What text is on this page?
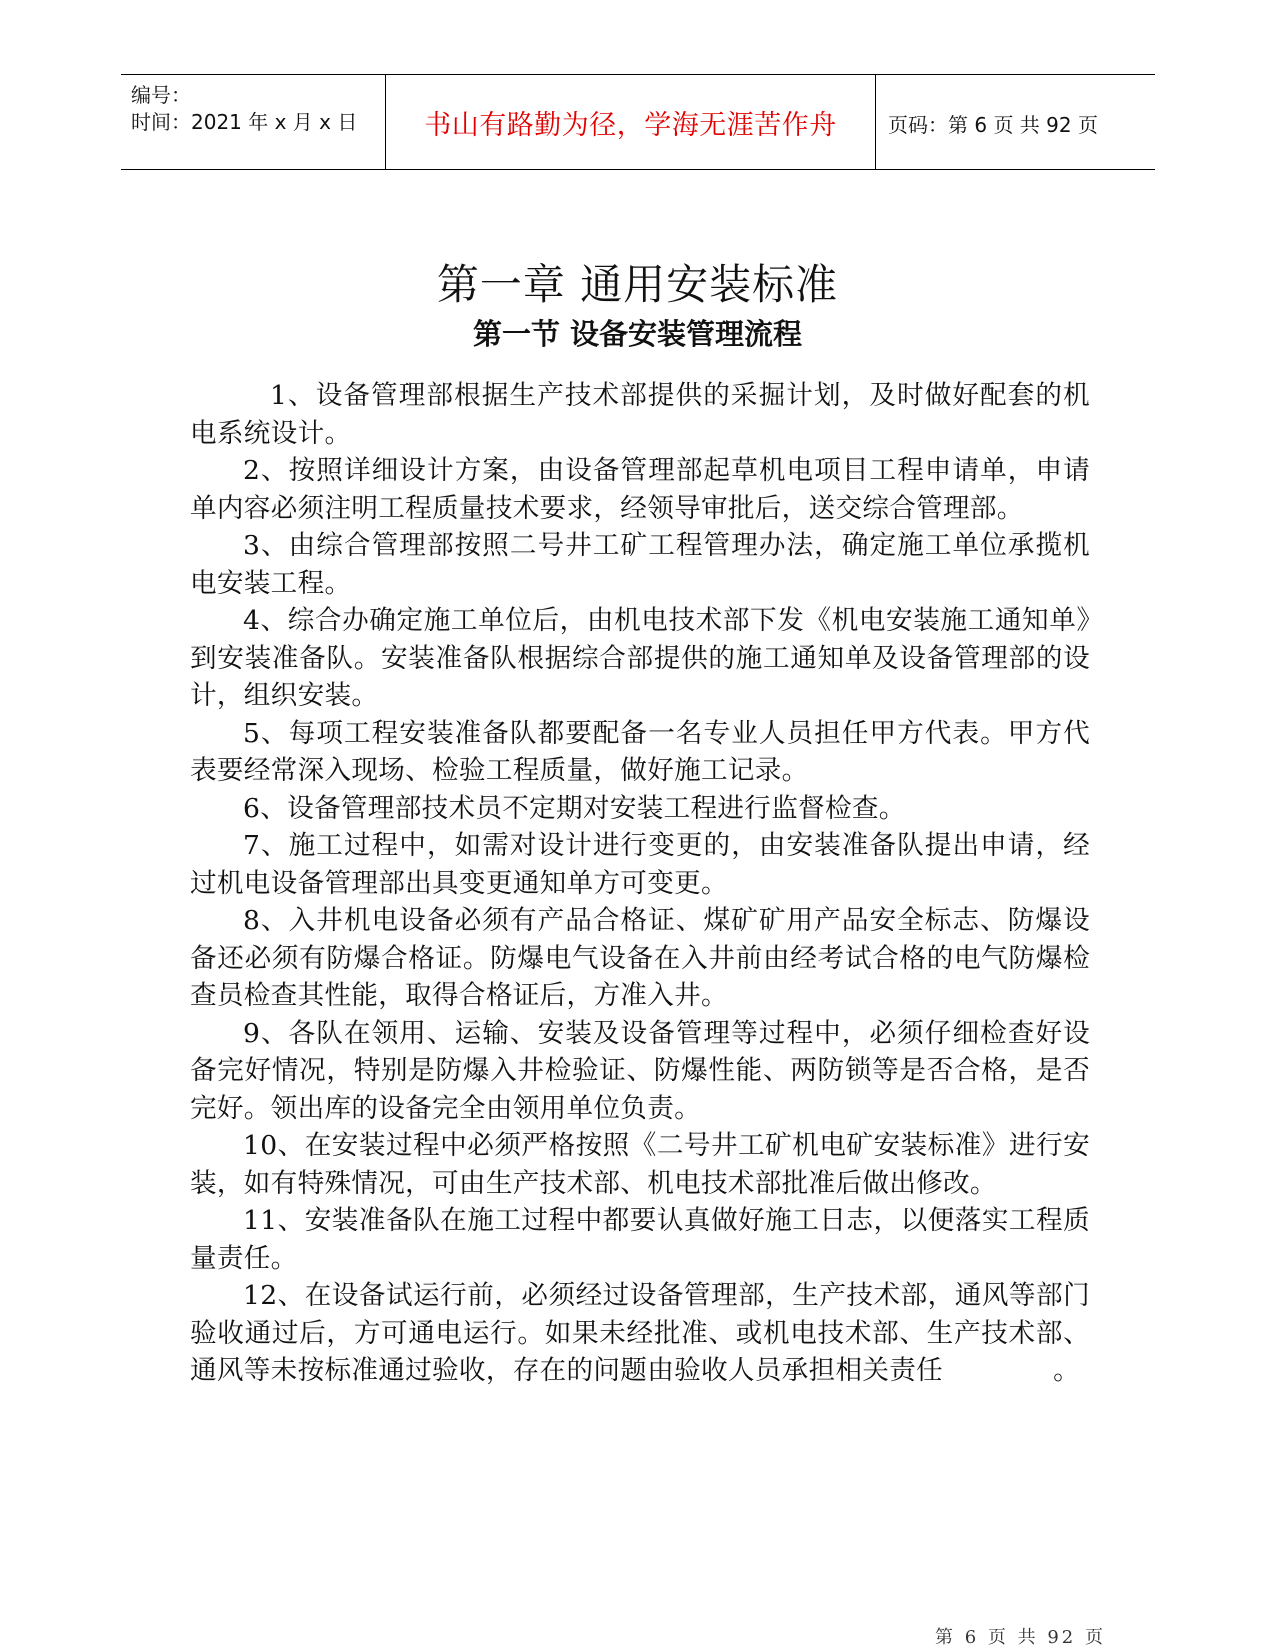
编号：
时间：2021 年 x 月 x 日	书山有路勤为径，学海无涯苦作舟	页码：第 6 页 共 92 页
第一章 通用安装标准
第一节 设备安装管理流程

1、设备管理部根据生产技术部提供的采掘计划，及时做好配套的机电系统设计。

2、按照详细设计方案，由设备管理部起草机电项目工程申请单，申请单内容必须注明工程质量技术要求，经领导审批后，送交综合管理部。

3、由综合管理部按照二号井工矿工程管理办法，确定施工单位承揽机电安装工程。

4、综合办确定施工单位后，由机电技术部下发《机电安装施工通知单》到安装准备队。安装准备队根据综合部提供的施工通知单及设备管理部的设计，组织安装。

5、每项工程安装准备队都要配备一名专业人员担任甲方代表。甲方代表要经常深入现场、检验工程质量，做好施工记录。

6、设备管理部技术员不定期对安装工程进行监督检查。

7、施工过程中，如需对设计进行变更的，由安装准备队提出申请，经过机电设备管理部出具变更通知单方可变更。

8、入井机电设备必须有产品合格证、煤矿矿用产品安全标志、防爆设备还必须有防爆合格证。防爆电气设备在入井前由经考试合格的电气防爆检查员检查其性能，取得合格证后，方准入井。

9、各队在领用、运输、安装及设备管理等过程中，必须仔细检查好设备完好情况，特别是防爆入井检验证、防爆性能、两防锁等是否合格，是否完好。领出库的设备完全由领用单位负责。

10、在安装过程中必须严格按照《二号井工矿机电矿安装标准》进行安装，如有特殊情况，可由生产技术部、机电技术部批准后做出修改。

11、安装准备队在施工过程中都要认真做好施工日志，以便落实工程质量责任。

12、在设备试运行前，必须经过设备管理部，生产技术部，通风等部门验收通过后，方可通电运行。如果未经批准、或机电技术部、生产技术部、通风等未按标准通过验收，存在的问题由验收人员承担相关责任	。

第 6 页 共 92 页
